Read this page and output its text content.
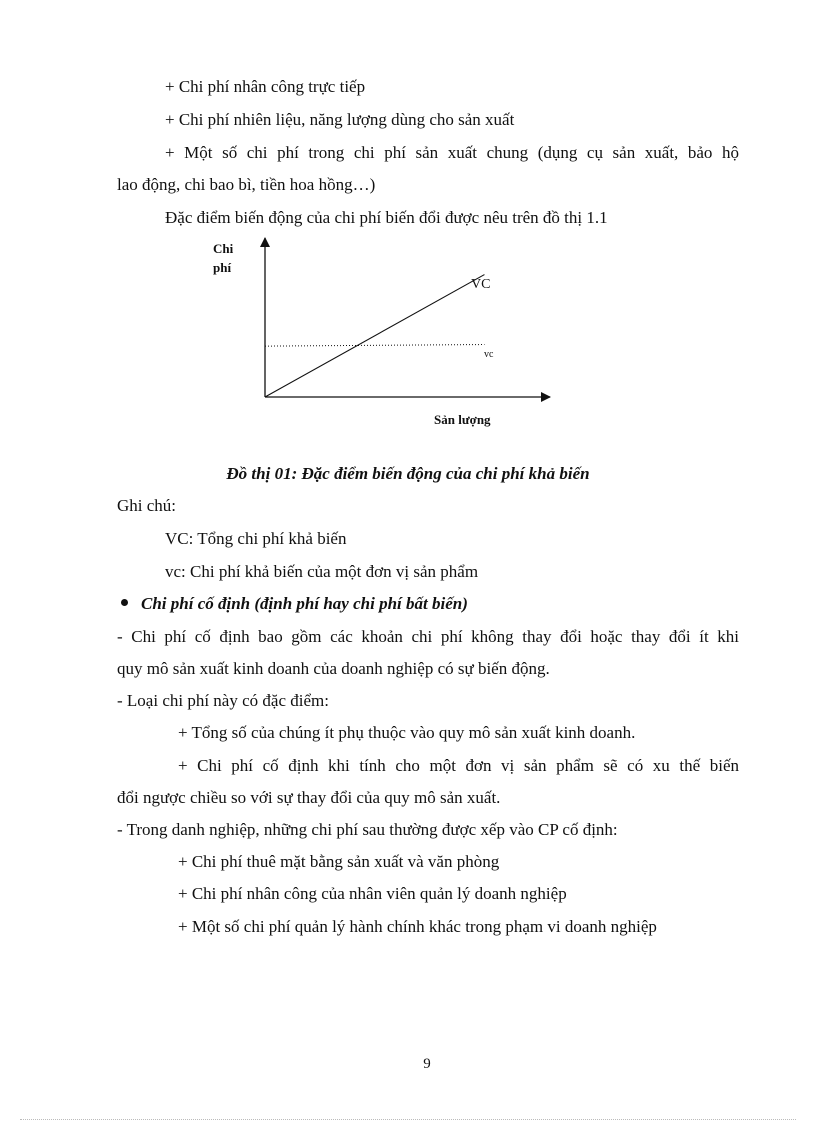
+ Chi phí nhân công trực tiếp
+ Chi phí nhiên liệu, năng lượng dùng cho sản xuất
+ Một số chi phí trong chi phí sản xuất chung (dụng cụ sản xuất, bảo hộ
lao động, chi bao bì, tiền hoa hồng…)
Đặc điểm biến động của chi phí biến đổi được nêu trên đồ thị 1.1
Chi
phí
Sản lượng
VC
vc
Đồ thị 01: Đặc điểm biến động của chi phí khả biến
Ghi chú:
VC: Tổng chi phí khả biến
vc: Chi phí khả biến của một đơn vị sản phẩm
Chi phí cố định (định phí hay chi phí bất biến)
- Chi phí cố định bao gồm các khoản chi phí không thay đổi hoặc thay đổi ít khi
quy mô sản xuất kinh doanh của doanh nghiệp có sự biến động.
- Loại chi phí này có đặc điểm:
+ Tổng số của chúng ít phụ thuộc vào quy mô sản xuất kinh doanh.
+ Chi phí cố định khi tính cho một đơn vị sản phẩm sẽ có xu thế biến
đổi ngược chiều so với sự thay đổi của quy mô sản xuất.
- Trong danh nghiệp, những chi phí sau thường được xếp vào CP cố định:
+ Chi phí thuê mặt bằng sản xuất và văn phòng
+ Chi phí nhân công của nhân viên quản lý doanh nghiệp
+ Một số chi phí quản lý hành chính khác trong phạm vi doanh nghiệp
9
